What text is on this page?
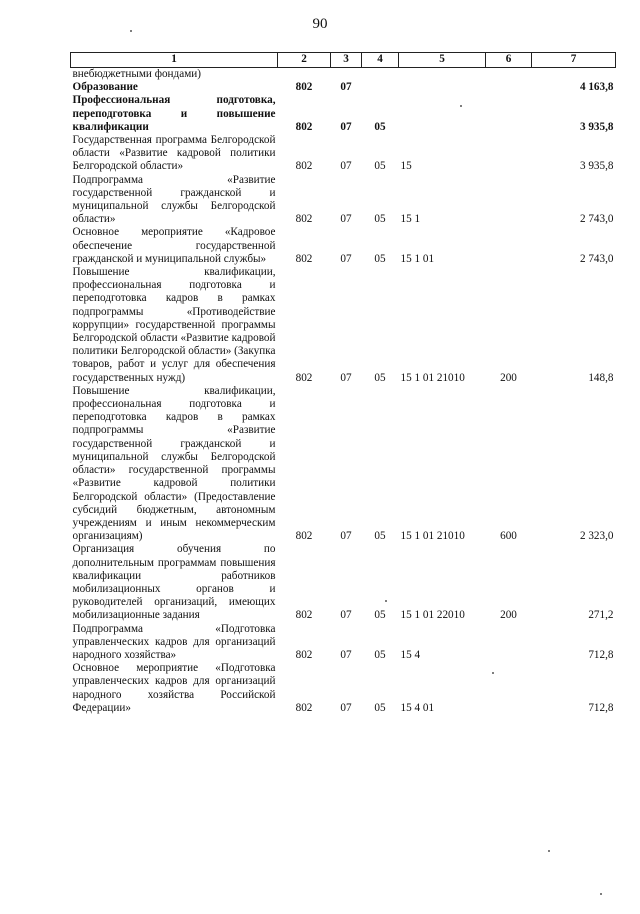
90
1	2	3	4	5	6	7
внебюджетными фондами)						
Образование	802	07				4 163,8
Профессиональная подготовка, переподготовка и повышение квалификации	802	07	05			3 935,8
Государственная программа Белгородской области «Развитие кадровой политики Белгородской области»	802	07	05	15		3 935,8
Подпрограмма «Развитие государственной гражданской и муниципальной службы Белгородской области»	802	07	05	15 1		2 743,0
Основное мероприятие «Кадровое обеспечение государственной гражданской и муниципальной службы»	802	07	05	15 1 01		2 743,0
Повышение квалификации, профессиональная подготовка и переподготовка кадров в рамках подпрограммы «Противодействие коррупции» государственной программы Белгородской области «Развитие кадровой политики Белгородской области» (Закупка товаров, работ и услуг для обеспечения государственных нужд)	802	07	05	15 1 01 21010	200	148,8
Повышение квалификации, профессиональная подготовка и переподготовка кадров в рамках подпрограммы «Развитие государственной гражданской и муниципальной службы Белгородской области» государственной программы «Развитие кадровой политики Белгородской области» (Предоставление субсидий бюджетным, автономным учреждениям и иным некоммерческим организациям)	802	07	05	15 1 01 21010	600	2 323,0
Организация обучения по дополнительным программам повышения квалификации работников мобилизационных органов и руководителей организаций, имеющих мобилизационные задания	802	07	05	15 1 01 22010	200	271,2
Подпрограмма «Подготовка управленческих кадров для организаций народного хозяйства»	802	07	05	15 4		712,8
Основное мероприятие «Подготовка управленческих кадров для организаций народного хозяйства Российской Федерации»	802	07	05	15 4 01		712,8
